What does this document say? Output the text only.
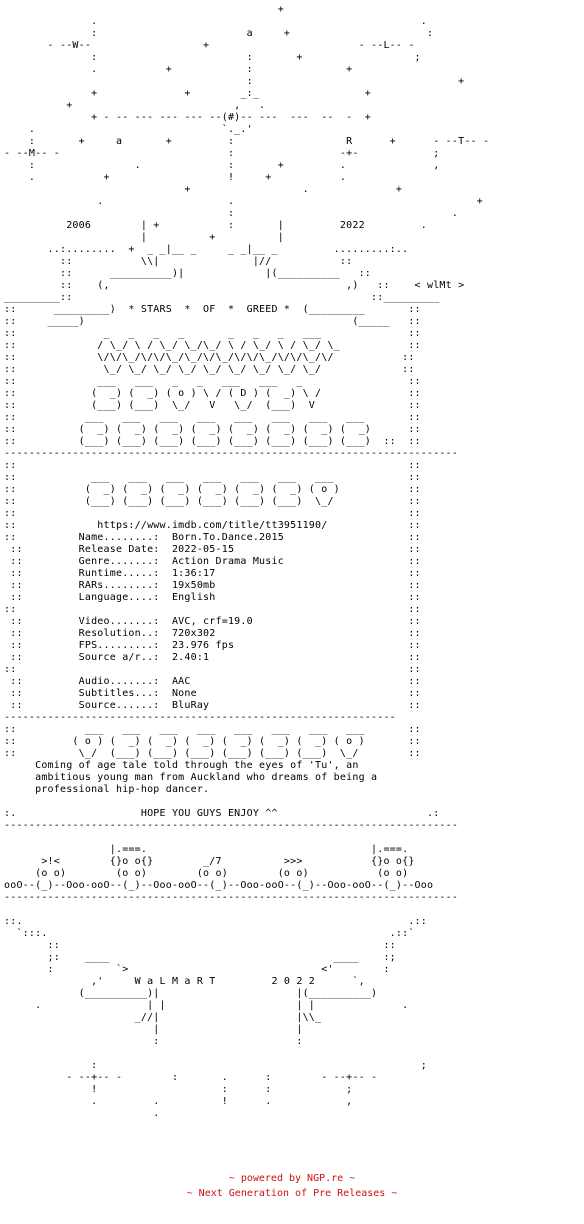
+
.                                                    .
:                        a     +                      :
- --W--                  +                        - --L-- -
:                        :       +                  ;
.           +            :               +
:                                 +
+              +        _:_                 +
+                          ,   .
+ - -- --- --- --- --(#)-- ---  ---  --  -  +
.                              `._.'
:       +     a       +         :                  R      +      - --T-- -
- --M-- -                           :                 -+-            ;
:                .              :       +         .              ,
.           +                   !     +           .
+                  .              +
.                    .                                       +
:                                   .
2006        | +           :       |         2022         .
|          +          |
..:........  +  _ _|__ _     _ _|__ _         .........:..
::           \\|               |//           ::
::      __________)|             |(__________   ::
::    (,                                      ,)   ::    < wlMt >
_________::                                                ::_________
::      _________)  * STARS  *  OF  *  GREED *  (_________       ::
::     _____)                                           (_____   ::
::              _   _   _   _       _   _   _   ___              ::
::             / \_/ \ / \_/ \_/\_/ \ / \_/ \ / \_/ \_           ::
::             \/\/\_/\/\/\_/\_/\/\_/\/\/\_/\/\/\_/\/           ::
::              \_/ \_/ \_/ \_/ \_/ \_/ \_/ \_/ \_/             ::
::             ___   ___   _   _   ___   ___   _                 ::
::            (  _) (  _) ( o ) \ / ( D ) (  _) \ /              ::
::            (___) (___)  \_/   V   \_/  (___)  V               ::
::           ___   ___   ___   ___   ___   ___   ___   ___       ::
::          (  _) (  _) (  _) (  _) (  _) (  _) (  _) (  _)      ::
::          (___) (___) (___) (___) (___) (___) (___) (___)  ::  ::
-------------------------------------------------------------------------
::                                                               ::
::            ___   ___   ___   ___   ___   ___   ___            ::
::           (  _) (  _) (  _) (  _) (  _) (  _) ( o )           ::
::           (___) (___) (___) (___) (___) (___)  \_/            ::
::                                                               ::
::             https://www.imdb.com/title/tt3951190/             ::
::          Name........:  Born.To.Dance.2015                    ::
::         Release Date:  2022-05-15                            ::
::         Genre.......:  Action Drama Music                    ::
::         Runtime.....:  1:36:17                               ::
::         RARs........:  19x50mb                               ::
::         Language....:  English                               ::
::                                                               ::
::         Video.......:  AVC, crf=19.0                         ::
::         Resolution..:  720x302                               ::
::         FPS.........:  23.976 fps                            ::
::         Source a/r..:  2.40:1                                ::
::                                                               ::
::         Audio.......:  AAC                                   ::
::         Subtitles...:  None                                  ::
::         Source......:  BluRay                                ::
---------------------------------------------------------------
::           ___   ___   ___   ___   ___   ___   ___   ___       ::
::         ( o ) (  _) (  _) (  _) (  _) (  _) (  _) ( o )       ::
::          \_/  (___) (___) (___) (___) (___) (___)  \_/        ::
Coming of age tale told through the eyes of 'Tu', an
ambitious young man from Auckland who dreams of being a
professional hip-hop dancer.

:.                    HOPE YOU GUYS ENJOY ^^                        .:
-------------------------------------------------------------------------

|.===.                                    |.===.
>!<        {}o o{}        _/7          >>>           {}o o{}
(o o)        (o o)        (o o)        (o o)           (o o)
ooO--(_)--Ooo-ooO--(_)--Ooo-ooO--(_)--Ooo-ooO--(_)--Ooo-ooO--(_)--Ooo
-------------------------------------------------------------------------

::.                                                              .::
`:::.                                                       .::`
::                                                    ::
;:    ____                                    ____    :;
:          `>                               <'        :
,'     W a L M a R T         2 0 2 2      `,
(__________)|                      |(__________)
.                 | |                     | |              .
_//|                      |\\_
|                      |
:                      :

:                                                    ;
- --+-- -        :       .      :        - --+-- -
!                    :      :            ;
.         .          !      .            ,
.

~ powered by NGP.re ~
~ Next Generation of Pre Releases ~
